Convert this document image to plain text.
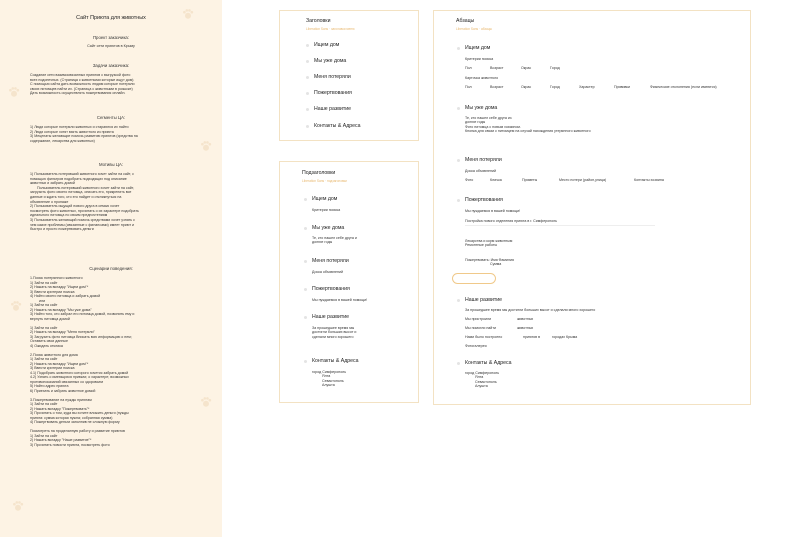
Сайт Приюта для животных
Проект заказчика:
Сайт сети приютов в Крыму
Задачи заказчика:
Создание сети взаимосвязанных приютов с выгрузкой фото
всех подопечных. (Страница с животными которые ищут дом)
С помощью сайта дать возможность людям которые потеряли
своих питомцев найти их. (Страница с животными в розыске)
Дать возможность осуществлять пожертвования онлайн.
Сегменты ЦА:
1) Люди которые потеряли животных и стараются их найти
2) Люди которые хотят взять животного из приюта
3) Меценаты желающие помочь развитию приютов (средства на
содержание, лекарства для животных)
Мотивы ЦА:
1) Пользователь потерявший животного хочет зайти на сайт, с
помощью фильтров подобрать подходящих под описание
животных и забрать домой
Пользователь потерявший животного хочет зайти на сайт,
загрузить фото своего питомца, описать его, прикрепить все
данные и ждать того, кто его найдет и откликнуться на
объявление о пропаже
2) Пользователь ищущий нового друга в семью хочет
посмотреть фото животных, прочитать о их характере подобрать
идеального питомца по своим предпочтениям
3) Пользователь желающий помочь средствами хочет узнать с
чем какие проблемы (связанные с финансами) имеет приют и
быстро и просто пожертвовать деньги
Сценарии поведения:
1.Поиск потерянного животного
1) Зайти на сайт
2) Нажать на вкладку "Ищем дом"*
3) Ввести критерии поиска
4) Найти своего питомца и забрать домой
или
1) Зайти на сайт
2) Нажать на вкладку "Мы уже дома"
3) Найти того, кто забрал его питомца домой, позвонить ему и
вернуть питомца домой

1) Зайти на сайт
2) Нажать на вкладку "Меня потеряли"
3) Загрузить фото питомца Вписать всю информацию о нем;
Оставить свои данные
4) Ожидать отклика

2.Поиск животного для дома
1) Зайти на сайт
2) Нажать на вкладку "Ищем дом"*
3) Ввести критерии поиска
4.1) Подобрать животного которого хочется забрать домой
4.2) Узнать о имеющихся привках; о характере; возможных
противопоказаний связанных со здоровьем
5) Найти адрес приюта
6) Приехать и забрать животное домой

3.Пожертвование на нужды приютам
1) Зайти на сайт
2) Нажать вкладку "Пожертвовать"*
3) Прочитать о том, куда вы хотите вложить деньги (нужды
приюта: сумма которая нужна; собранная сумма)
4) Пожертвовать деньги заполнив не сложную форму

Посмотреть на проделанную работу и развитие приютов
1) Зайти на сайт
2) Нажать вкладку "Наше развитие"*
3) Прочитать новости приюта, посмотреть фото
Заголовки
Liberation Sans · заголовки меню
Ищем дом
Мы уже дома
Меня потеряли
Пожертвования
Наше развитие
Контакты & Адреса
Подзаголовки
Liberation Sans · подзаголовки
Ищем дом
Критерии поиска
Мы уже дома
Те, кто нашел себе друга и
долгие годы
Меня потеряли
Доска объявлений
Пожертвования
Мы нуждаемся в вашей помощи!
Наше развитие
За прошедшее время мы
достигли больших высот и
сделали много хорошего
Контакты & Адреса
город Симферополь
Ялта
Севастополь
Алушта
Абзацы
Liberation Sans · абзацы
Ищем дом
Критерии поиска
Пол	Возраст	Окрас	Город
Карточка животного
Пол	Возраст	Окрас	Город	Характер	Прививки	Физические отклонения (если имеются)
Мы уже дома
Те, кто нашел себе друга из
долгие годы
Фото питомца с новым хозяином.
Кнопка для связи с питомцем на случай нахождения утерянного животного
Меня потеряли
Доска объявлений
Фото	Кличка	Приметы	Место потери (район,улица)	Контакты хозяина
Пожертвования
Мы нуждаемся в вашей помощи!
Постройка нового отделения приюта в г. Симферополь
Лекарства и корм животным
Ремонтные работы
Пожертвовать: Имя Фамилия
Сумма
Наше развитие
За прошедшее время мы достигли больших высот и сделали много хорошего
Мы пристроили	животных
Мы помогли найти	животных
Нами было построено	приютов в	городах Крыма
Фотогалерея
Контакты & Адреса
город Симферополь
Ялта
Севастополь
Алушта
